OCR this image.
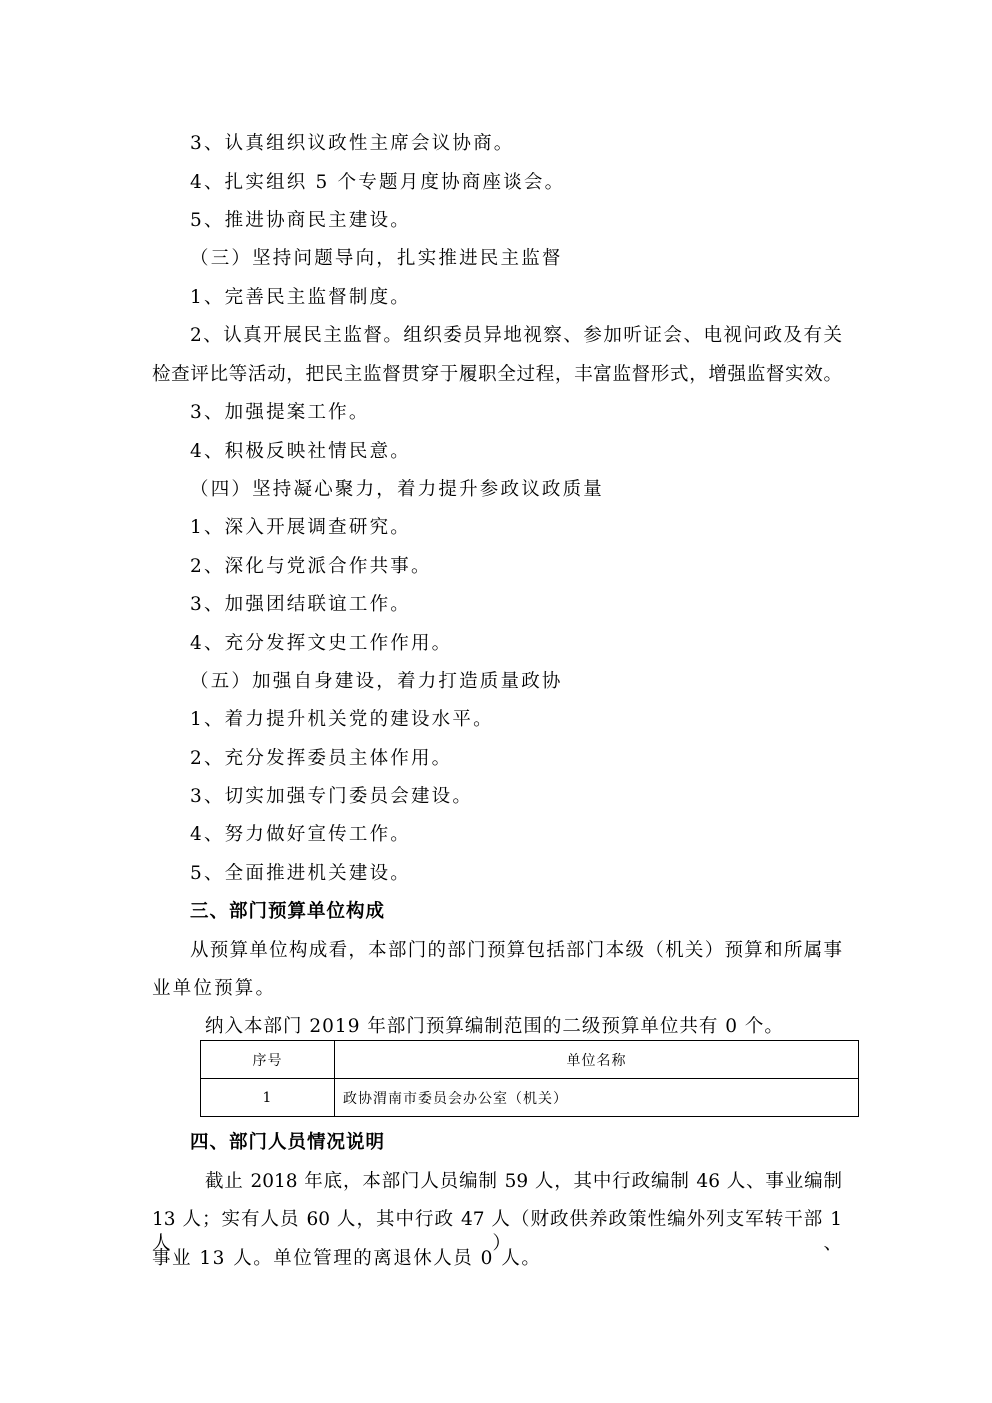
3、认真组织议政性主席会议协商。
4、扎实组织 5 个专题月度协商座谈会。
5、推进协商民主建设。
（三）坚持问题导向，扎实推进民主监督
1、完善民主监督制度。
2、认真开展民主监督。组织委员异地视察、参加听证会、电视问政及有关
检查评比等活动，把民主监督贯穿于履职全过程，丰富监督形式，增强监督实效。
3、加强提案工作。
4、积极反映社情民意。
（四）坚持凝心聚力，着力提升参政议政质量
1、深入开展调查研究。
2、深化与党派合作共事。
3、加强团结联谊工作。
4、充分发挥文史工作作用。
（五）加强自身建设，着力打造质量政协
1、着力提升机关党的建设水平。
2、充分发挥委员主体作用。
3、切实加强专门委员会建设。
4、努力做好宣传工作。
5、全面推进机关建设。
三、部门预算单位构成
从预算单位构成看，本部门的部门预算包括部门本级（机关）预算和所属事
业单位预算。
纳入本部门 2019 年部门预算编制范围的二级预算单位共有 0 个。
序号	单位名称
1	政协渭南市委员会办公室（机关）
四、部门人员情况说明
截止 2018 年底，本部门人员编制 59 人，其中行政编制 46 人、事业编制
13 人；实有人员 60 人，其中行政 47 人（财政供养政策性编外列支军转干部 1 人）、
事业 13 人。单位管理的离退休人员 0 人。
